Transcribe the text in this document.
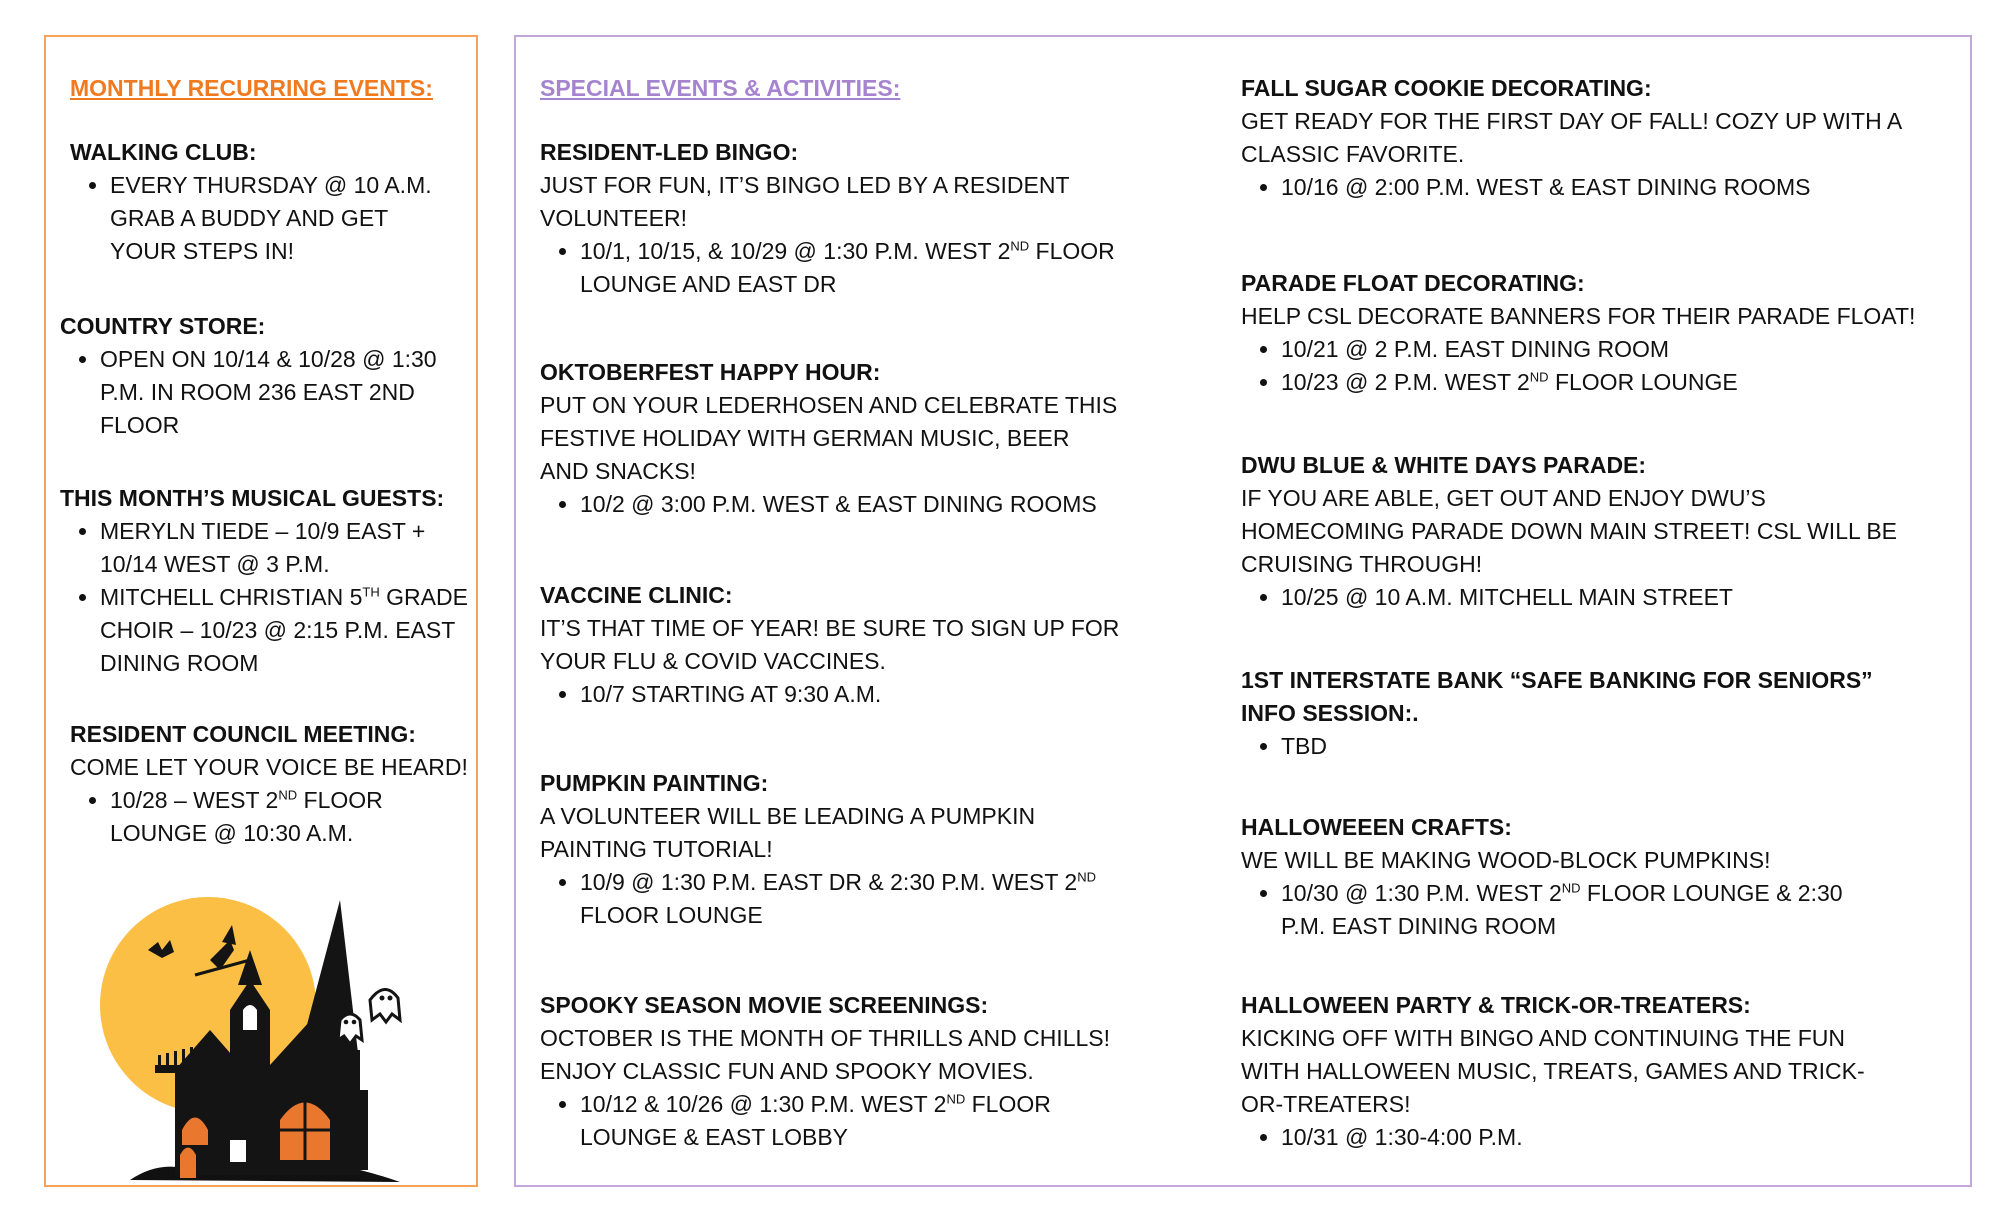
MONTHLY RECURRING EVENTS:
WALKING CLUB:
• EVERY THURSDAY @ 10 A.M. GRAB A BUDDY AND GET YOUR STEPS IN!
COUNTRY STORE:
• OPEN ON 10/14 & 10/28 @ 1:30 P.M. IN ROOM 236 EAST 2ND FLOOR
THIS MONTH’S MUSICAL GUESTS:
• MERYLN TIEDE – 10/9 EAST + 10/14 WEST @ 3 P.M.
• MITCHELL CHRISTIAN 5TH GRADE CHOIR – 10/23 @ 2:15 P.M. EAST DINING ROOM
RESIDENT COUNCIL MEETING:
COME LET YOUR VOICE BE HEARD!
• 10/28 – WEST 2ND FLOOR LOUNGE @ 10:30 A.M.
SPECIAL EVENTS & ACTIVITIES:
RESIDENT-LED BINGO:
JUST FOR FUN, IT’S BINGO LED BY A RESIDENT VOLUNTEER!
• 10/1, 10/15, & 10/29 @ 1:30 P.M. WEST 2ND FLOOR LOUNGE AND EAST DR
OKTOBERFEST HAPPY HOUR:
PUT ON YOUR LEDERHOSEN AND CELEBRATE THIS FESTIVE HOLIDAY WITH GERMAN MUSIC, BEER AND SNACKS!
• 10/2 @ 3:00 P.M. WEST & EAST DINING ROOMS
VACCINE CLINIC:
IT’S THAT TIME OF YEAR! BE SURE TO SIGN UP FOR YOUR FLU & COVID VACCINES.
• 10/7 STARTING AT 9:30 A.M.
PUMPKIN PAINTING:
A VOLUNTEER WILL BE LEADING A PUMPKIN PAINTING TUTORIAL!
• 10/9 @ 1:30 P.M. EAST DR & 2:30 P.M. WEST 2ND FLOOR LOUNGE
SPOOKY SEASON MOVIE SCREENINGS:
OCTOBER IS THE MONTH OF THRILLS AND CHILLS! ENJOY CLASSIC FUN AND SPOOKY MOVIES.
• 10/12 & 10/26 @ 1:30 P.M. WEST 2ND FLOOR LOUNGE & EAST LOBBY
FALL SUGAR COOKIE DECORATING:
GET READY FOR THE FIRST DAY OF FALL! COZY UP WITH A CLASSIC FAVORITE.
• 10/16 @ 2:00 P.M. WEST & EAST DINING ROOMS
PARADE FLOAT DECORATING:
HELP CSL DECORATE BANNERS FOR THEIR PARADE FLOAT!
• 10/21 @ 2 P.M. EAST DINING ROOM
• 10/23 @ 2 P.M. WEST 2ND FLOOR LOUNGE
DWU BLUE & WHITE DAYS PARADE:
IF YOU ARE ABLE, GET OUT AND ENJOY DWU’S HOMECOMING PARADE DOWN MAIN STREET! CSL WILL BE CRUISING THROUGH!
• 10/25 @ 10 A.M. MITCHELL MAIN STREET
1ST INTERSTATE BANK “SAFE BANKING FOR SENIORS” INFO SESSION:.
• TBD
HALLOWEEEN CRAFTS:
WE WILL BE MAKING WOOD-BLOCK PUMPKINS!
• 10/30 @ 1:30 P.M. WEST 2ND FLOOR LOUNGE & 2:30 P.M. EAST DINING ROOM
HALLOWEEN PARTY & TRICK-OR-TREATERS:
KICKING OFF WITH BINGO AND CONTINUING THE FUN WITH HALLOWEEN MUSIC, TREATS, GAMES AND TRICK-OR-TREATERS!
• 10/31 @ 1:30-4:00 P.M.
